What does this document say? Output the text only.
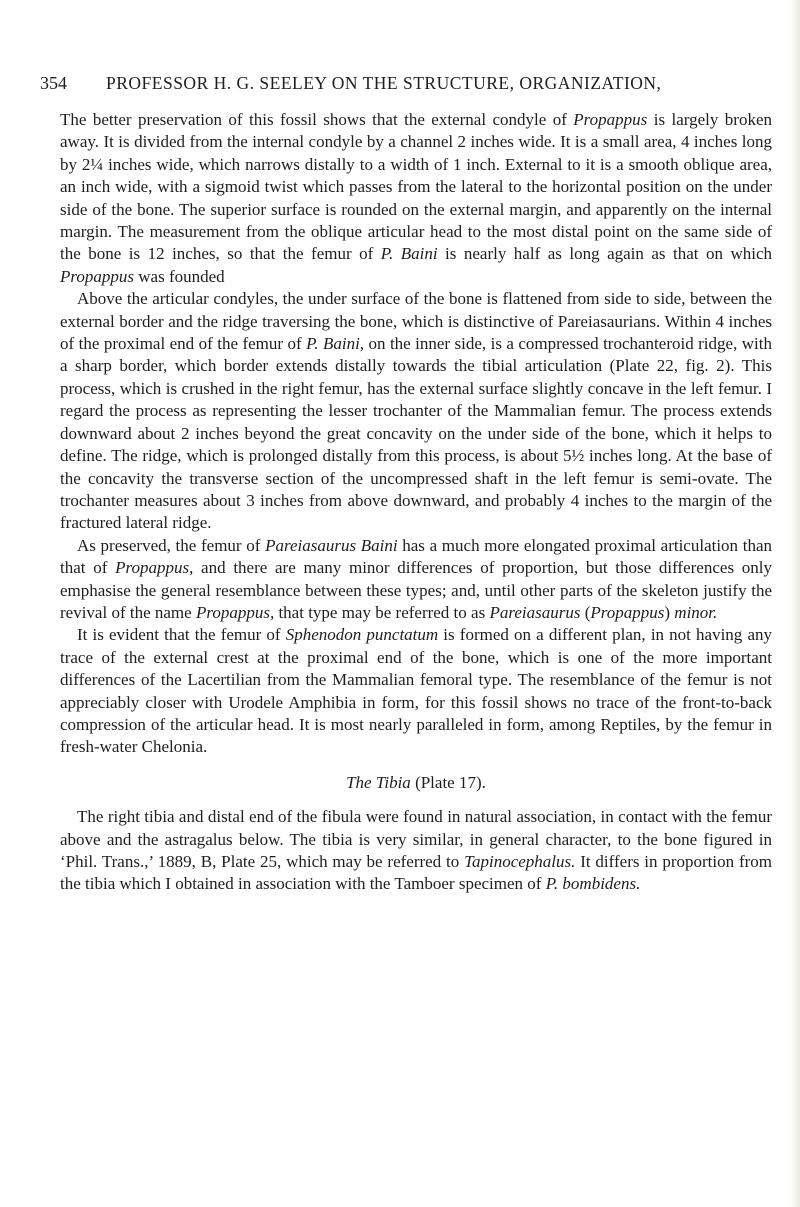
354 PROFESSOR H. G. SEELEY ON THE STRUCTURE, ORGANIZATION,

The better preservation of this fossil shows that the external condyle of Propappus is largely broken away. It is divided from the internal condyle by a channel 2 inches wide. It is a small area, 4 inches long by 2¼ inches wide, which narrows distally to a width of 1 inch. External to it is a smooth oblique area, an inch wide, with a sigmoid twist which passes from the lateral to the horizontal position on the under side of the bone. The superior surface is rounded on the external margin, and apparently on the internal margin. The measurement from the oblique articular head to the most distal point on the same side of the bone is 12 inches, so that the femur of P. Baini is nearly half as long again as that on which Propappus was founded

Above the articular condyles, the under surface of the bone is flattened from side to side, between the external border and the ridge traversing the bone, which is distinctive of Pareiasaurians. Within 4 inches of the proximal end of the femur of P. Baini, on the inner side, is a compressed trochanteroid ridge, with a sharp border, which border extends distally towards the tibial articulation (Plate 22, fig. 2). This process, which is crushed in the right femur, has the external surface slightly concave in the left femur. I regard the process as representing the lesser trochanter of the Mammalian femur. The process extends downward about 2 inches beyond the great concavity on the under side of the bone, which it helps to define. The ridge, which is prolonged distally from this process, is about 5½ inches long. At the base of the concavity the transverse section of the uncompressed shaft in the left femur is semi-ovate. The trochanter measures about 3 inches from above downward, and probably 4 inches to the margin of the fractured lateral ridge.

As preserved, the femur of Pareiasaurus Baini has a much more elongated proximal articulation than that of Propappus, and there are many minor differences of proportion, but those differences only emphasise the general resemblance between these types; and, until other parts of the skeleton justify the revival of the name Propappus, that type may be referred to as Pareiasaurus (Propappus) minor.

It is evident that the femur of Sphenodon punctatum is formed on a different plan, in not having any trace of the external crest at the proximal end of the bone, which is one of the more important differences of the Lacertilian from the Mammalian femoral type. The resemblance of the femur is not appreciably closer with Urodele Amphibia in form, for this fossil shows no trace of the front-to-back compression of the articular head. It is most nearly paralleled in form, among Reptiles, by the femur in fresh-water Chelonia.

The Tibia (Plate 17).

The right tibia and distal end of the fibula were found in natural association, in contact with the femur above and the astragalus below. The tibia is very similar, in general character, to the bone figured in ‘Phil. Trans.,’ 1889, B, Plate 25, which may be referred to Tapinocephalus. It differs in proportion from the tibia which I obtained in association with the Tamboer specimen of P. bombidens.
